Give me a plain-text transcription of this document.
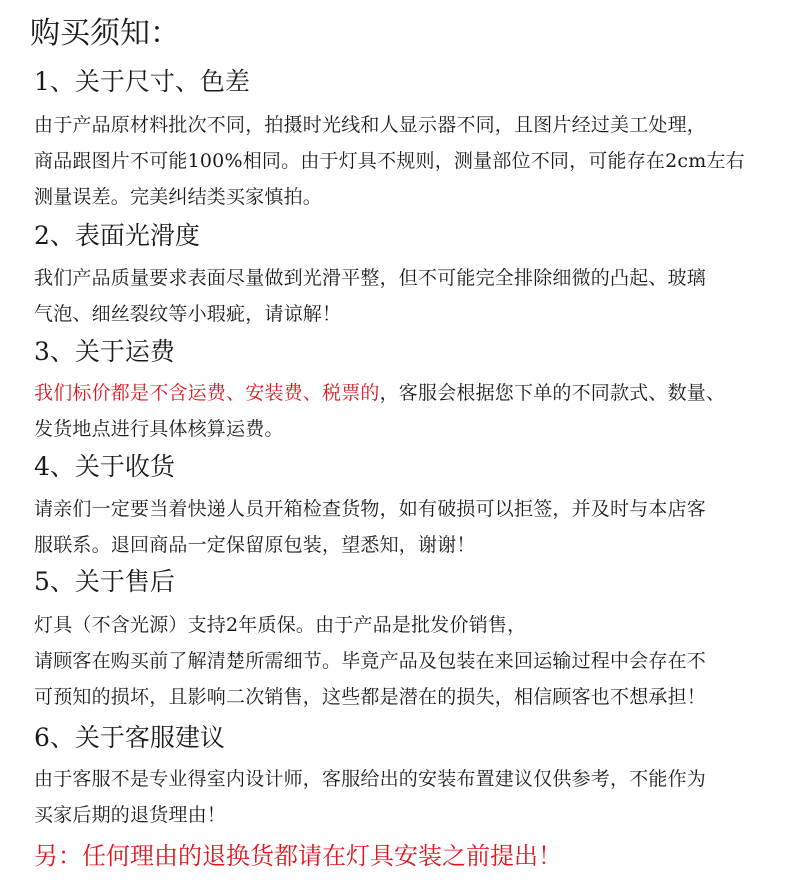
购买须知：
1、关于尺寸、色差
由于产品原材料批次不同，拍摄时光线和人显示器不同，且图片经过美工处理，
商品跟图片不可能100%相同。由于灯具不规则，测量部位不同，可能存在2cm左右
测量误差。完美纠结类买家慎拍。
2、表面光滑度
我们产品质量要求表面尽量做到光滑平整，但不可能完全排除细微的凸起、玻璃
气泡、细丝裂纹等小瑕疵，请谅解！
3、关于运费
我们标价都是不含运费、安装费、税票的，客服会根据您下单的不同款式、数量、
发货地点进行具体核算运费。
4、关于收货
请亲们一定要当着快递人员开箱检查货物，如有破损可以拒签，并及时与本店客
服联系。退回商品一定保留原包装，望悉知，谢谢！
5、关于售后
灯具（不含光源）支持2年质保。由于产品是批发价销售，
请顾客在购买前了解清楚所需细节。毕竟产品及包装在来回运输过程中会存在不
可预知的损坏，且影响二次销售，这些都是潜在的损失，相信顾客也不想承担！
6、关于客服建议
由于客服不是专业得室内设计师，客服给出的安装布置建议仅供参考，不能作为
买家后期的退货理由！
另：任何理由的退换货都请在灯具安装之前提出！
